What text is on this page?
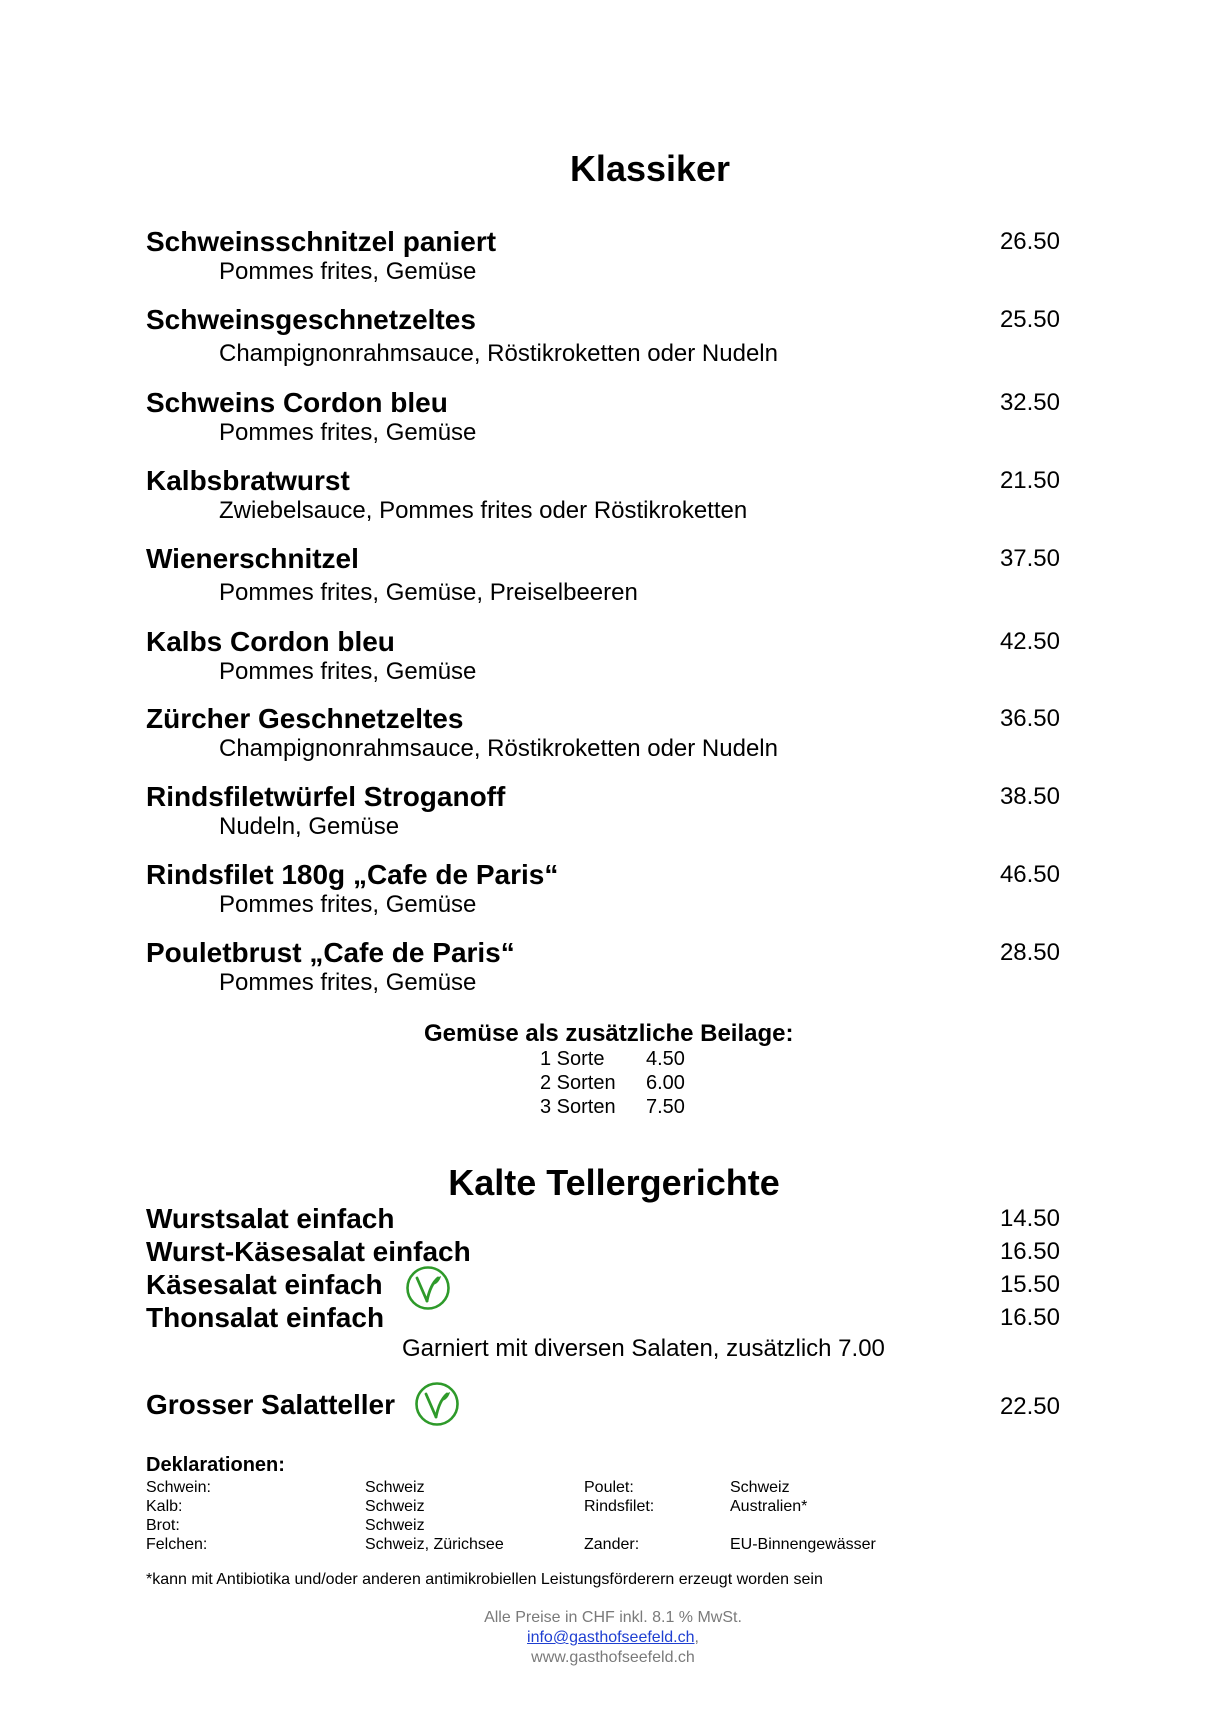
Klassiker
Schweinsschnitzel paniert	26.50
Pommes frites, Gemüse
Schweinsgeschnetzeltes	25.50
Champignonrahmsauce, Röstikroketten oder Nudeln
Schweins Cordon bleu	32.50
Pommes frites, Gemüse
Kalbsbratwurst	21.50
Zwiebelsauce, Pommes frites oder Röstikroketten
Wienerschnitzel	37.50
Pommes frites, Gemüse, Preiselbeeren
Kalbs Cordon bleu	42.50
Pommes frites, Gemüse
Zürcher Geschnetzeltes	36.50
Champignonrahmsauce, Röstikroketten oder Nudeln
Rindsfiletwürfel Stroganoff	38.50
Nudeln, Gemüse
Rindsfilet 180g „Cafe de Paris“	46.50
Pommes frites, Gemüse
Pouletbrust „Cafe de Paris“	28.50
Pommes frites, Gemüse
Gemüse als zusätzliche Beilage:
1 Sorte 4.50
2 Sorten 6.00
3 Sorten 7.50
Kalte Tellergerichte
Wurstsalat einfach	14.50
Wurst-Käsesalat einfach	16.50
Käsesalat einfach	15.50
Thonsalat einfach	16.50
Garniert mit diversen Salaten, zusätzlich 7.00
Grosser Salatteller	22.50
Deklarationen:
Schwein:	Schweiz
Kalb:	Schweiz
Brot:	Schweiz
Felchen:	Schweiz, Zürichsee
Poulet:	Schweiz
Rindsfilet:	Australien*
Zander:	EU-Binnengewässer
*kann mit Antibiotika und/oder anderen antimikrobiellen Leistungsförderern erzeugt worden sein
Alle Preise in CHF inkl. 8.1 % MwSt.
info@gasthofseefeld.ch,
www.gasthofseefeld.ch
